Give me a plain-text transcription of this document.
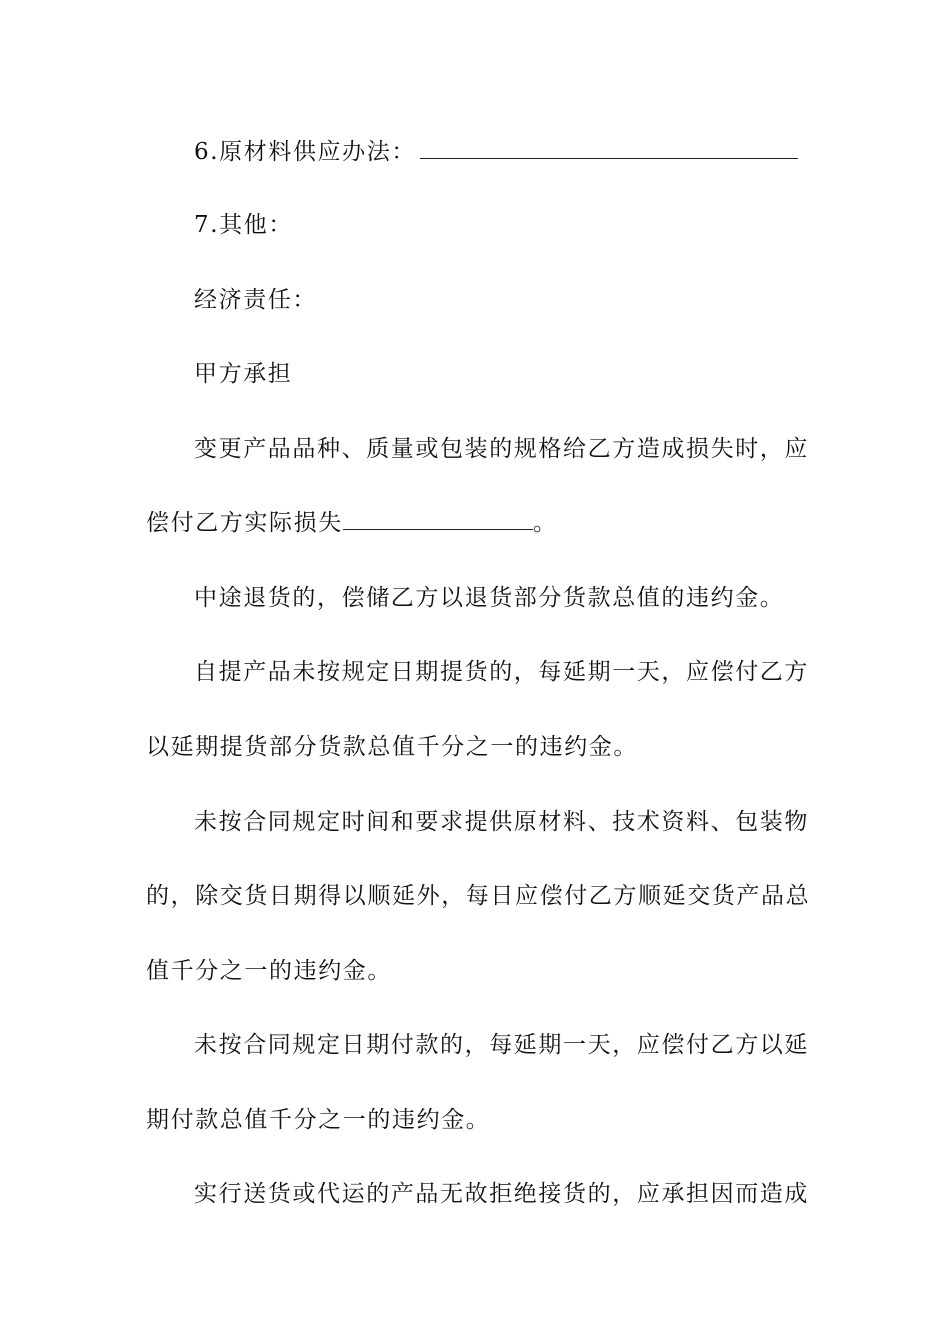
6.原材料供应办法：
7.其他：
经济责任：
甲方承担
变更产品品种、质量或包装的规格给乙方造成损失时，应
偿付乙方实际损失	。
中途退货的，偿储乙方以退货部分货款总值的违约金。
自提产品未按规定日期提货的，每延期一天，应偿付乙方
以延期提货部分货款总值千分之一的违约金。
未按合同规定时间和要求提供原材料、技术资料、包装物
的，除交货日期得以顺延外，每日应偿付乙方顺延交货产品总
值千分之一的违约金。
未按合同规定日期付款的，每延期一天，应偿付乙方以延
期付款总值千分之一的违约金。
实行送货或代运的产品无故拒绝接货的，应承担因而造成
